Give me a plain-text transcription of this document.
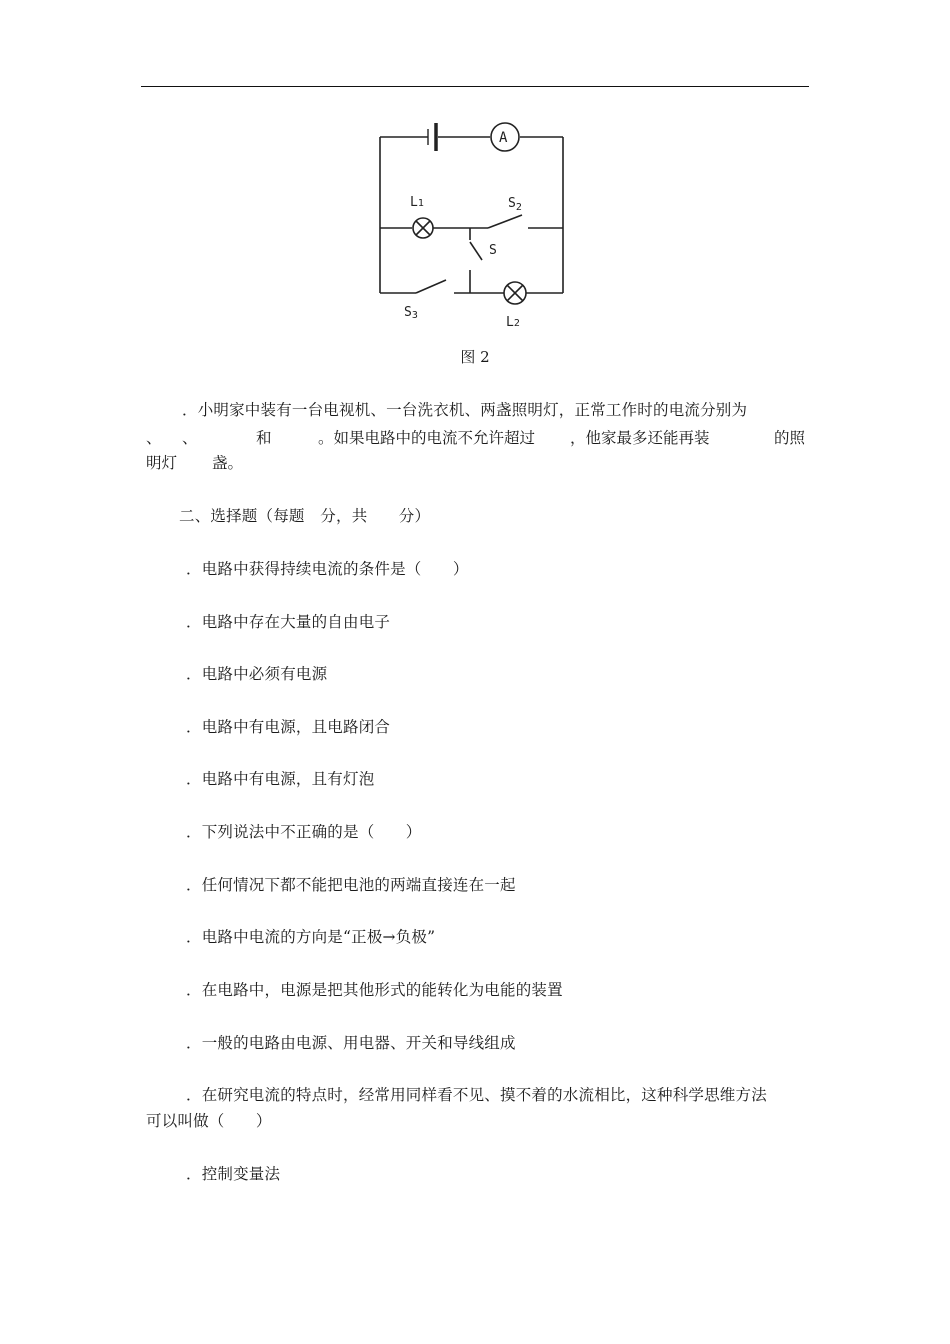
A
L1	$S_2$
S
S3	L2
图 2
．小明家中装有一台电视机、一台洗衣机、两盏照明灯，正常工作时的电流分别为
、 、	和	。如果电路中的电流不允许超过 ，他家最多还能再装	的照
明灯 盏。
二、选择题（每题　分，共　　分）
．电路中获得持续电流的条件是（　　）
．电路中存在大量的自由电子
．电路中必须有电源
．电路中有电源，且电路闭合
．电路中有电源，且有灯泡
．下列说法中不正确的是（　　）
．任何情况下都不能把电池的两端直接连在一起
．电路中电流的方向是“正极→负极”
．在电路中，电源是把其他形式的能转化为电能的装置
．一般的电路由电源、用电器、开关和导线组成
．在研究电流的特点时，经常用同样看不见、摸不着的水流相比，这种科学思维方法
可以叫做（　　）
．控制变量法
